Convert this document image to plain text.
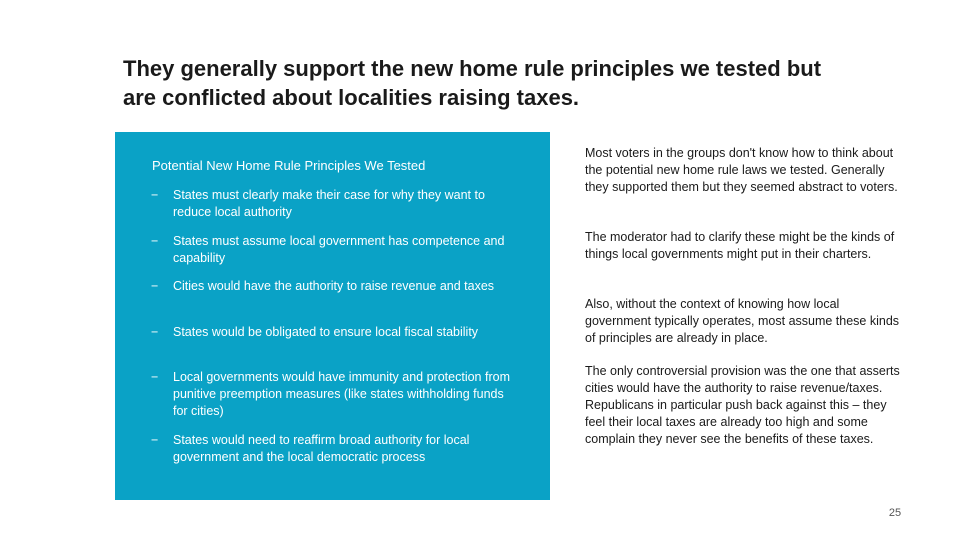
They generally support the new home rule principles we tested but are conflicted about localities raising taxes.
Potential New Home Rule Principles We Tested
−	States must clearly make their case for why they want to reduce local authority
−	States must assume local government has competence and capability
−	Cities would have the authority to raise revenue and taxes
−	States would be obligated to ensure local fiscal stability
−	Local governments would have immunity and protection from punitive preemption measures (like states withholding funds for cities)
−	States would need to reaffirm broad authority for local government and the local democratic process

Most voters in the groups don't know how to think about the potential new home rule laws we tested. Generally they supported them but they seemed abstract to voters.

The moderator had to clarify these might be the kinds of things local governments might put in their charters.

Also, without the context of knowing how local government typically operates, most assume these kinds of principles are already in place.

The only controversial provision was the one that asserts cities would have the authority to raise revenue/taxes. Republicans in particular push back against this – they feel their local taxes are already too high and some complain they never see the benefits of these taxes.

25
